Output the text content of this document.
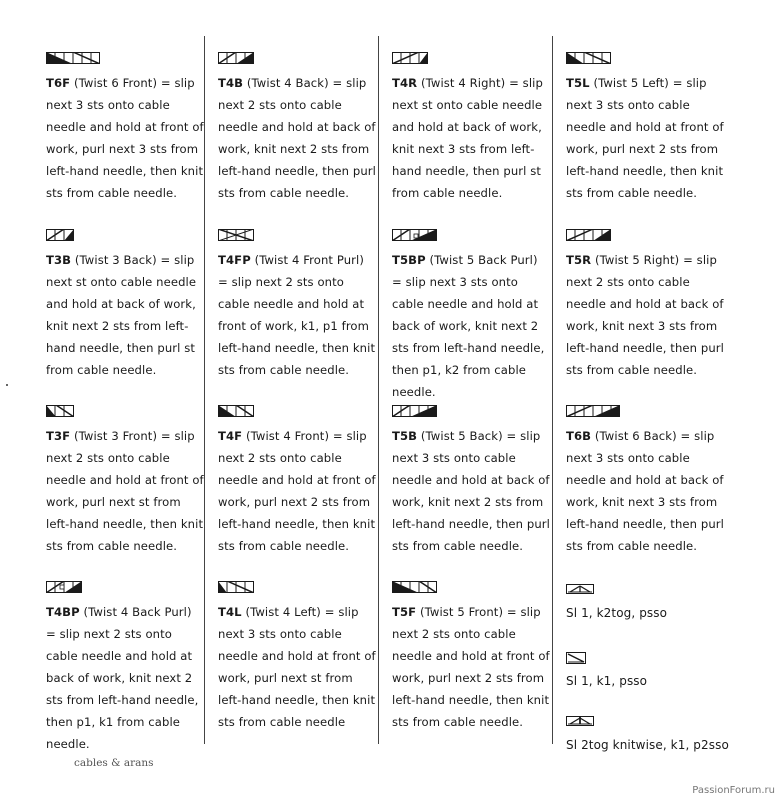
T6F (Twist 6 Front) = slip next 3 sts onto cable needle and hold at front of work, purl next 3 sts from left-hand needle, then knit sts from cable needle.

T3B (Twist 3 Back) = slip next st onto cable needle and hold at back of work, knit next 2 sts from left-hand needle, then purl st from cable needle.

T3F (Twist 3 Front) = slip next 2 sts onto cable needle and hold at front of work, purl next st from left-hand needle, then knit sts from cable needle.

T4BP (Twist 4 Back Purl) = slip next 2 sts onto cable needle and hold at back of work, knit next 2 sts from left-hand needle, then p1, k1 from cable needle.

T4B (Twist 4 Back) = slip next 2 sts onto cable needle and hold at back of work, knit next 2 sts from left-hand needle, then purl sts from cable needle.

T4FP (Twist 4 Front Purl) = slip next 2 sts onto cable needle and hold at front of work, k1, p1 from left-hand needle, then knit sts from cable needle.

T4F (Twist 4 Front) = slip next 2 sts onto cable needle and hold at front of work, purl next 2 sts from left-hand needle, then knit sts from cable needle.

T4L (Twist 4 Left) = slip next 3 sts onto cable needle and hold at front of work, purl next st from left-hand needle, then knit sts from cable needle

T4R (Twist 4 Right) = slip next st onto cable needle and hold at back of work, knit next 3 sts from left-hand needle, then purl st from cable needle.

T5BP (Twist 5 Back Purl) = slip next 3 sts onto cable needle and hold at back of work, knit next 2 sts from left-hand needle, then p1, k2 from cable needle.

T5B (Twist 5 Back) = slip next 3 sts onto cable needle and hold at back of work, knit next 2 sts from left-hand needle, then purl sts from cable needle.

T5F (Twist 5 Front) = slip next 2 sts onto cable needle and hold at front of work, purl next 2 sts from left-hand needle, then knit sts from cable needle.

T5L (Twist 5 Left) = slip next 3 sts onto cable needle and hold at front of work, purl next 2 sts from left-hand needle, then knit sts from cable needle.

T5R (Twist 5 Right) = slip next 2 sts onto cable needle and hold at back of work, knit next 3 sts from left-hand needle, then purl sts from cable needle.

T6B (Twist 6 Back) = slip next 3 sts onto cable needle and hold at back of work, knit next 3 sts from left-hand needle, then purl sts from cable needle.

Sl 1, k2tog, psso

Sl 1, k1, psso

Sl 2tog knitwise, k1, p2sso

cables & arans
PassionForum.ru
